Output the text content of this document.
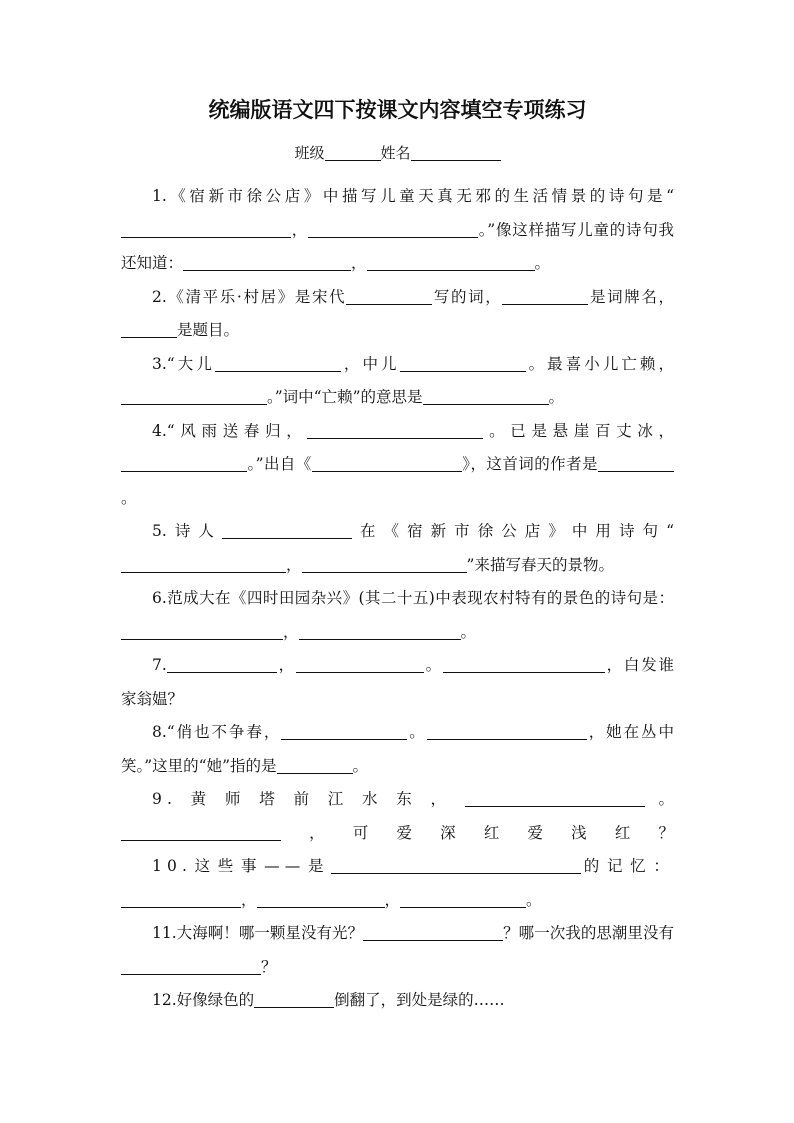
统编版语文四下按课文内容填空专项练习
班级	姓名

1.《宿新市徐公店》中描写儿童天真无邪的生活情景的诗句是“，	。”像这样描写儿童的诗句我还知道：	，	。

2.《清平乐·村居》是宋代	写的词，	是词牌名，是题目。

3.“大儿	，中儿	。最喜小儿亡赖，。”词中“亡赖”的意思是	。

4.“风雨送春归，	。已是悬崖百丈冰，。”出自《	》，这首词的作者是。

5.诗人	在《宿新市徐公店》中用诗句“，	”来描写春天的景物。

6.范成大在《四时田园杂兴》(其二十五)中表现农村特有的景色的诗句是：，	。

7.	，	。	，白发谁家翁媪？

8.“俏也不争春，	。	，她在丛中笑。”这里的“她”指的是	。

9.黄师塔前江水东，	。，可爱深红爱浅红？

10.这些事——是	的记忆：，	，	。

11.大海啊！哪一颗星没有光？	？哪一次我的思潮里没有？

12.好像绿色的	倒翻了，到处是绿的……
